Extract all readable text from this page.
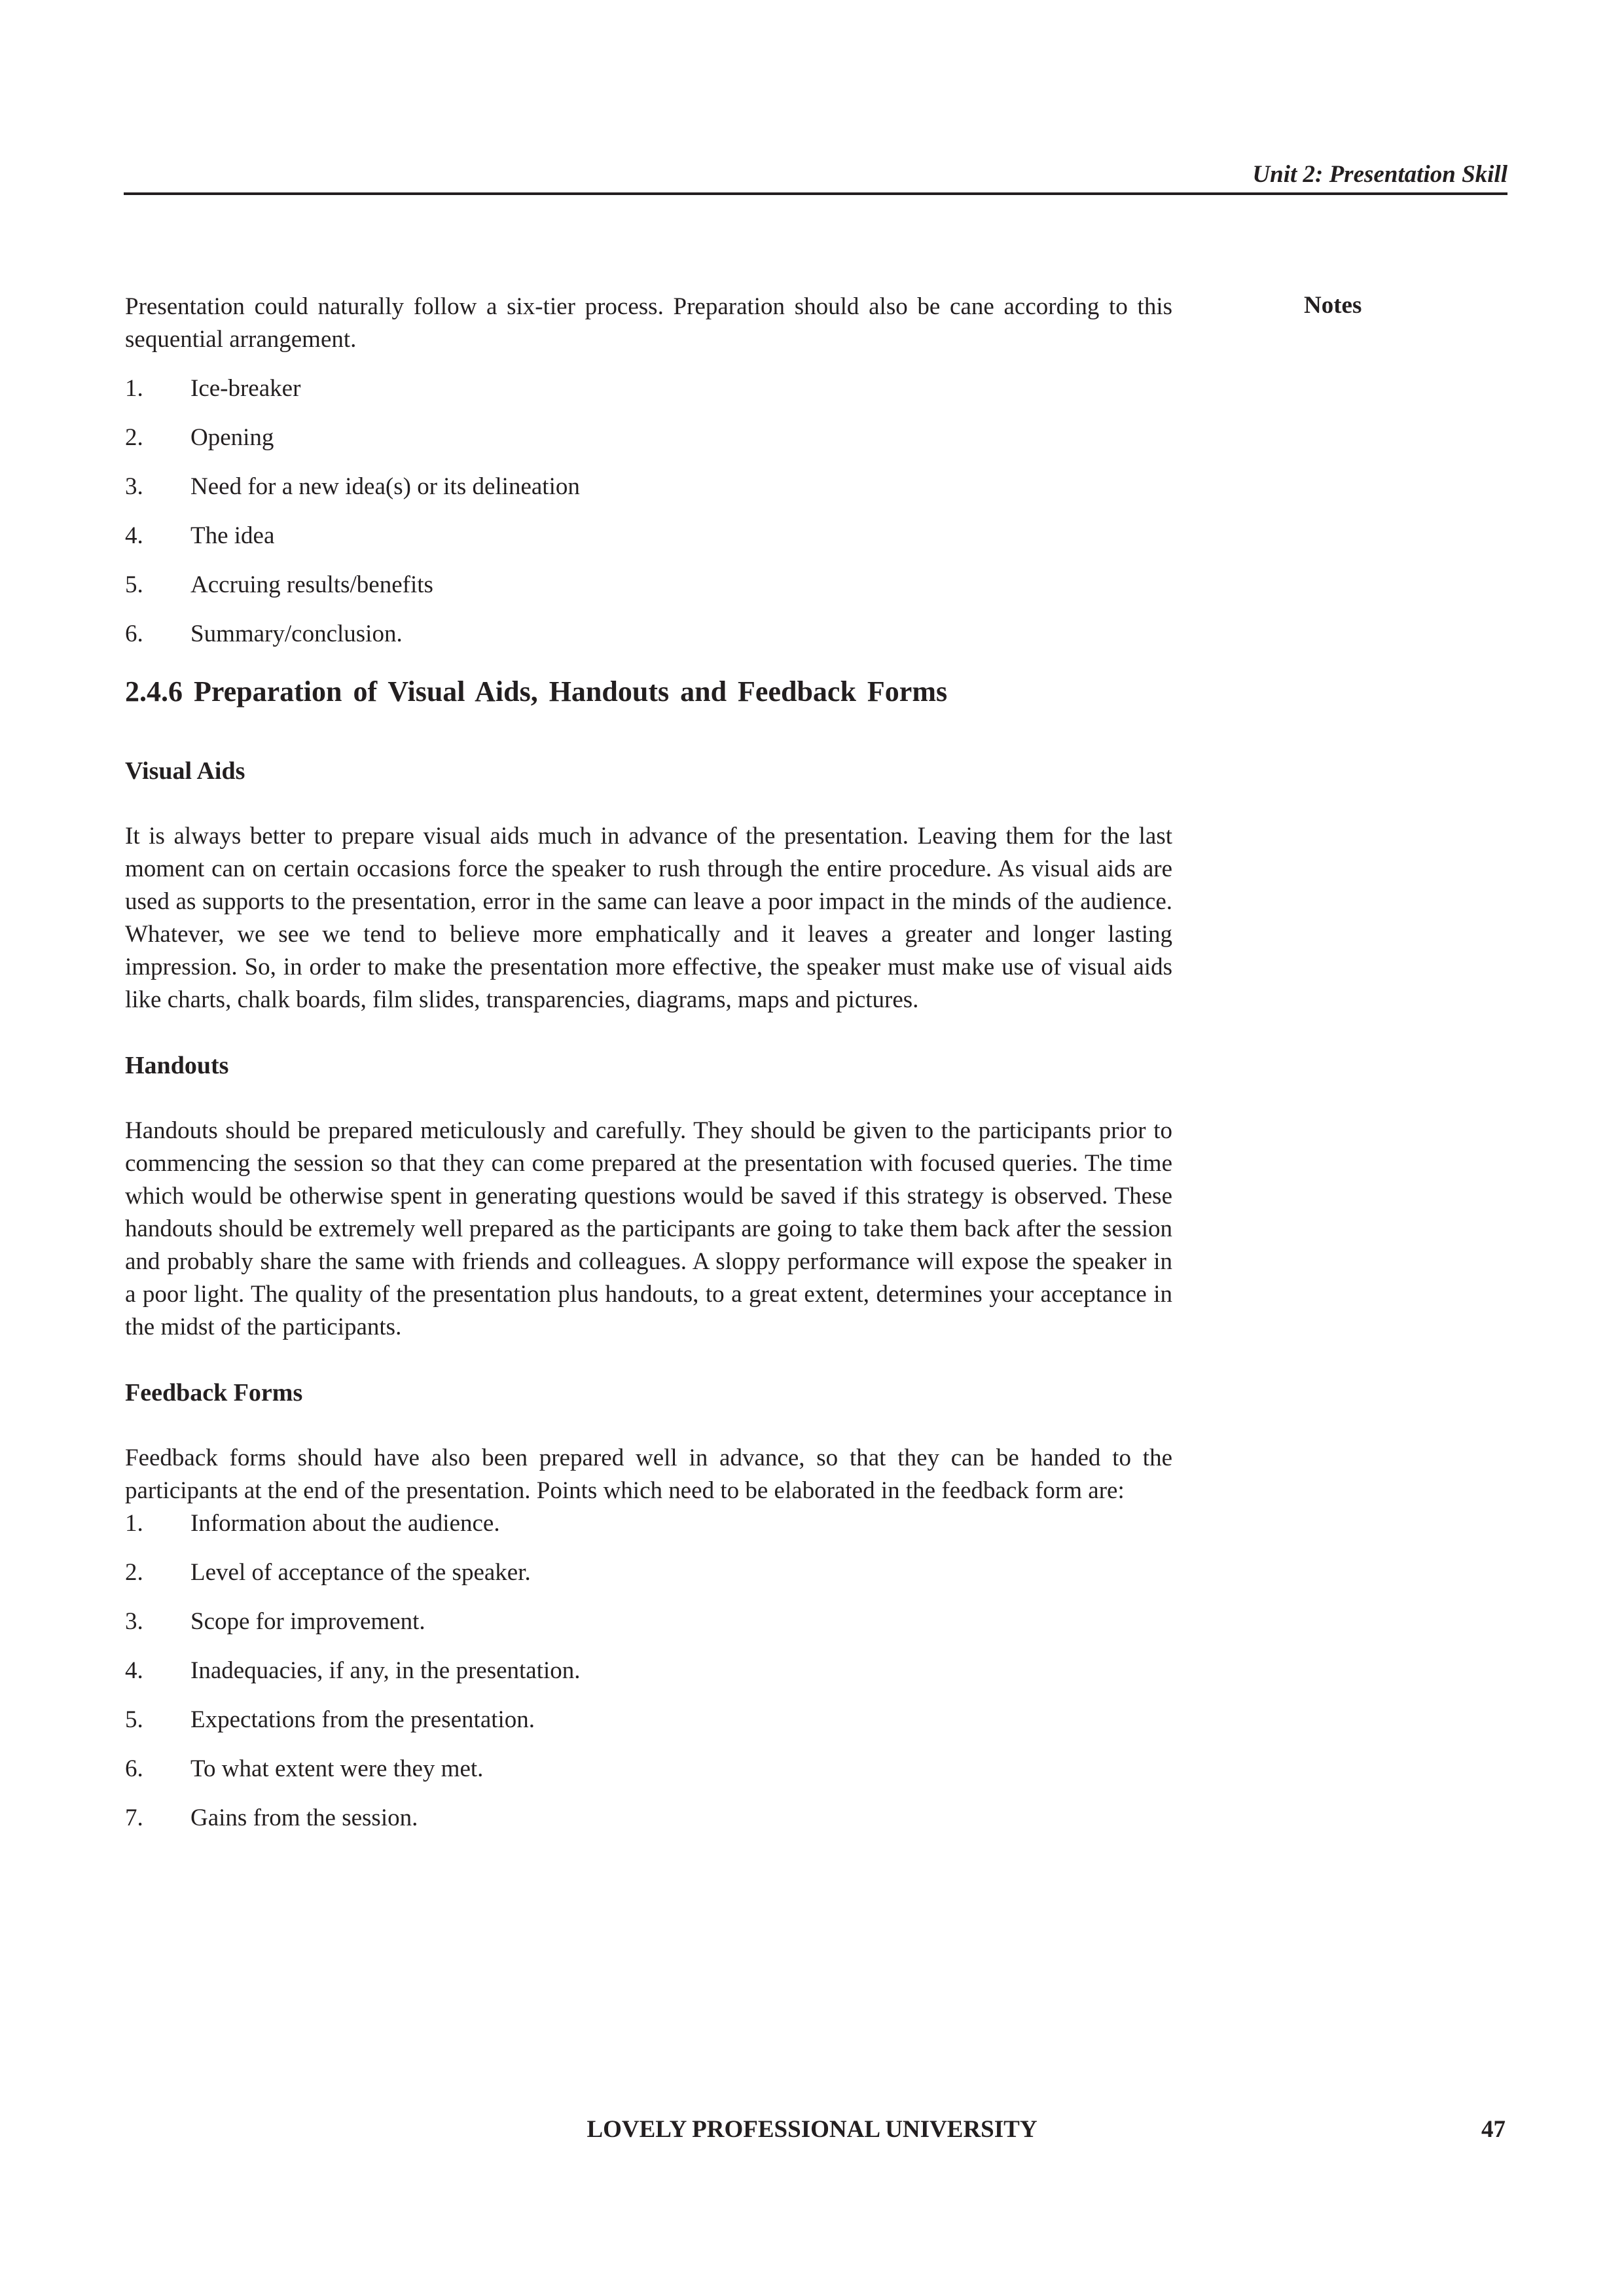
Unit 2: Presentation Skill
Notes

Presentation could naturally follow a six-tier process. Preparation should also be cane according to this sequential arrangement.

1.	Ice-breaker
2.	Opening
3.	Need for a new idea(s) or its delineation
4.	The idea
5.	Accruing results/benefits
6.	Summary/conclusion.
2.4.6 Preparation of Visual Aids, Handouts and Feedback Forms
Visual Aids

It is always better to prepare visual aids much in advance of the presentation. Leaving them for the last moment can on certain occasions force the speaker to rush through the entire procedure. As visual aids are used as supports to the presentation, error in the same can leave a poor impact in the minds of the audience. Whatever, we see we tend to believe more emphatically and it leaves a greater and longer lasting impression. So, in order to make the presentation more effective, the speaker must make use of visual aids like charts, chalk boards, film slides, transparencies, diagrams, maps and pictures.

Handouts

Handouts should be prepared meticulously and carefully. They should be given to the participants prior to commencing the session so that they can come prepared at the presentation with focused queries. The time which would be otherwise spent in generating questions would be saved if this strategy is observed. These handouts should be extremely well prepared as the participants are going to take them back after the session and probably share the same with friends and colleagues. A sloppy performance will expose the speaker in a poor light. The quality of the presentation plus handouts, to a great extent, determines your acceptance in the midst of the participants.

Feedback Forms

Feedback forms should have also been prepared well in advance, so that they can be handed to the participants at the end of the presentation. Points which need to be elaborated in the feedback form are:

1.	Information about the audience.
2.	Level of acceptance of the speaker.
3.	Scope for improvement.
4.	Inadequacies, if any, in the presentation.
5.	Expectations from the presentation.
6.	To what extent were they met.
7.	Gains from the session.
LOVELY PROFESSIONAL UNIVERSITY	47
